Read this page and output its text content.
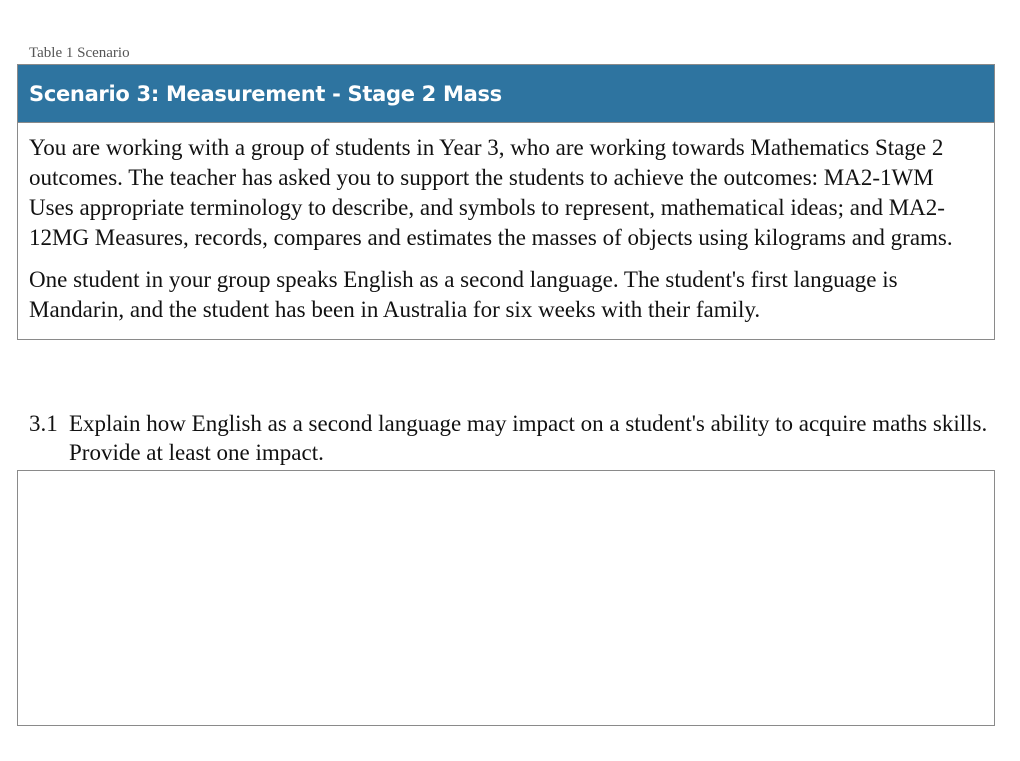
Table 1 Scenario
Scenario 3: Measurement - Stage 2 Mass

You are working with a group of students in Year 3, who are working towards Mathematics Stage 2 outcomes. The teacher has asked you to support the students to achieve the outcomes: MA2-1WM Uses appropriate terminology to describe, and symbols to represent, mathematical ideas; and MA2-12MG Measures, records, compares and estimates the masses of objects using kilograms and grams.

One student in your group speaks English as a second language. The student's first language is Mandarin, and the student has been in Australia for six weeks with their family.

3.1 Explain how English as a second language may impact on a student's ability to acquire maths skills. Provide at least one impact.
